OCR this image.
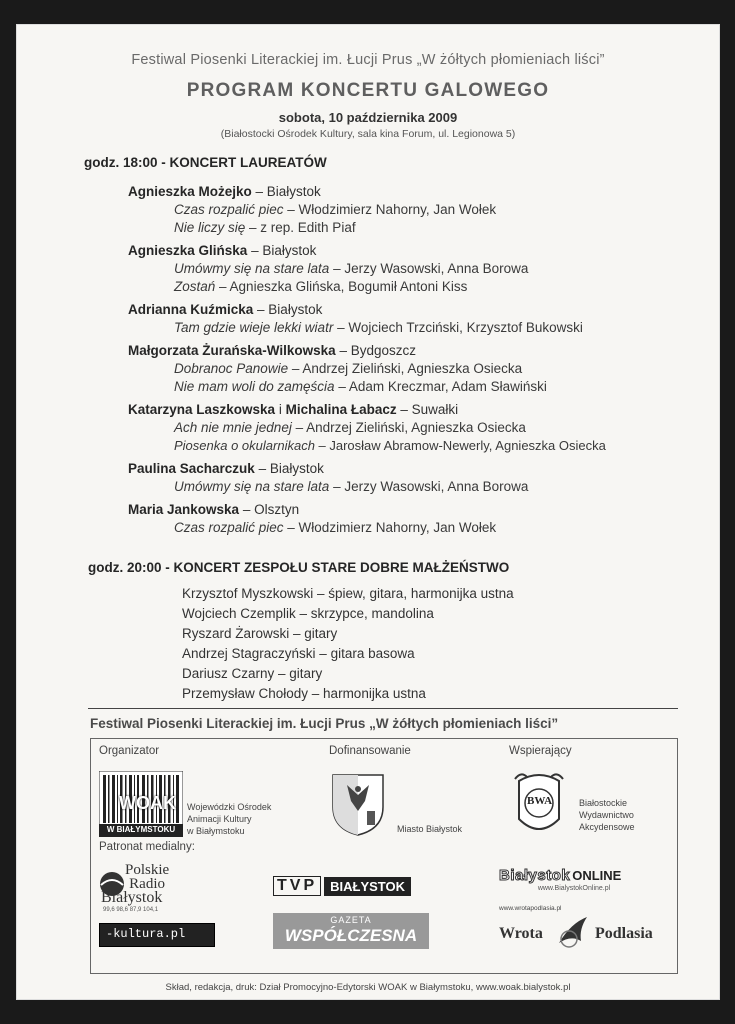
Festiwal Piosenki Literackiej im. Łucji Prus „W żółtych płomieniach liści”
PROGRAM KONCERTU GALOWEGO
sobota, 10 października 2009
(Białostocki Ośrodek Kultury, sala kina Forum, ul. Legionowa 5)
godz. 18:00 - KONCERT LAUREATÓW
Agnieszka Możejko – Białystok
Czas rozpalić piec – Włodzimierz Nahorny, Jan Wołek
Nie liczy się – z rep. Edith Piaf
Agnieszka Glińska – Białystok
Umówmy się na stare lata – Jerzy Wasowski, Anna Borowa
Zostań – Agnieszka Glińska, Bogumił Antoni Kiss
Adrianna Kuźmicka – Białystok
Tam gdzie wieje lekki wiatr – Wojciech Trzciński, Krzysztof Bukowski
Małgorzata Żurańska-Wilkowska – Bydgoszcz
Dobranoc Panowie – Andrzej Zieliński, Agnieszka Osiecka
Nie mam woli do zamęścia – Adam Kreczmar, Adam Sławiński
Katarzyna Laszkowska i Michalina Łabacz – Suwałki
Ach nie mnie jednej – Andrzej Zieliński, Agnieszka Osiecka
Piosenka o okularnikach – Jarosław Abramow-Newerly, Agnieszka Osiecka
Paulina Sacharczuk – Białystok
Umówmy się na stare lata – Jerzy Wasowski, Anna Borowa
Maria Jankowska – Olsztyn
Czas rozpalić piec – Włodzimierz Nahorny, Jan Wołek
godz. 20:00 - KONCERT ZESPOŁU STARE DOBRE MAŁŻEŃSTWO
Krzysztof Myszkowski – śpiew, gitara, harmonijka ustna
Wojciech Czemplik – skrzypce, mandolina
Ryszard Żarowski – gitary
Andrzej Stagraczyński – gitara basowa
Dariusz Czarny – gitary
Przemysław Chołody – harmonijka ustna
Festiwal Piosenki Literackiej im. Łucji Prus „W żółtych płomieniach liści”
Organizator	Dofinansowanie	Wspierający
WOAK
W BIAŁYMSTOKU
Wojewódzki Ośrodek
Animacji Kultury
w Białymstoku	Miasto Białystok
BWA	Białostockie
Wydawnictwo
Akcydensowe
Patronat medialny:
Polskie
Radio
Białystok
99,6 98,6 87,9 104,1
TVP	BIAŁYSTOK
Białystok ONLINE
www.BialystokOnline.pl
www.wrotapodlasia.pl
-kultura.pl
GAZETA
WSPÓŁCZESNA	Wrota	Podlasia
Skład, redakcja, druk: Dział Promocyjno-Edytorski WOAK w Białymstoku, www.woak.bialystok.pl
